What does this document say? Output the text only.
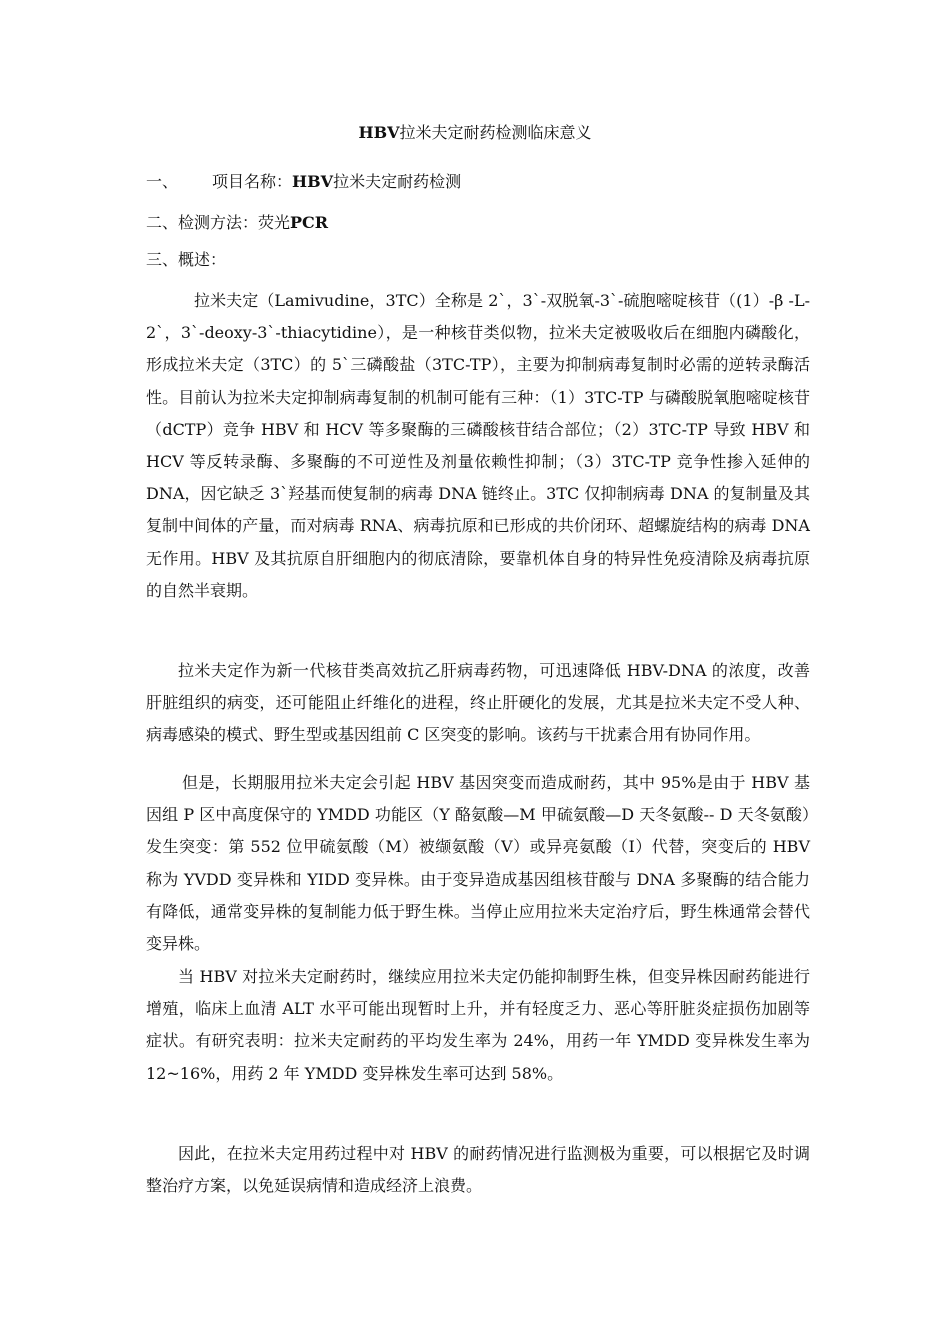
HBV拉米夫定耐药检测临床意义
一、 项目名称：HBV拉米夫定耐药检测
二、检测方法：荧光PCR
三、概述：

拉米夫定（Lamivudine，3TC）全称是 2`，3`-双脱氧-3`-硫胞嘧啶核苷（(1）-β -L-2`，3`-deoxy-3`-thiacytidine），是一种核苷类似物，拉米夫定被吸收后在细胞内磷酸化，形成拉米夫定（3TC）的 5`三磷酸盐（3TC-TP），主要为抑制病毒复制时必需的逆转录酶活性。目前认为拉米夫定抑制病毒复制的机制可能有三种：（1）3TC-TP 与磷酸脱氧胞嘧啶核苷（dCTP）竞争 HBV 和 HCV 等多聚酶的三磷酸核苷结合部位；（2）3TC-TP 导致 HBV 和 HCV 等反转录酶、多聚酶的不可逆性及剂量依赖性抑制；（3）3TC-TP 竞争性掺入延伸的 DNA，因它缺乏 3`羟基而使复制的病毒 DNA 链终止。3TC 仅抑制病毒 DNA 的复制量及其复制中间体的产量，而对病毒 RNA、病毒抗原和已形成的共价闭环、超螺旋结构的病毒 DNA 无作用。HBV 及其抗原自肝细胞内的彻底清除，要靠机体自身的特异性免疫清除及病毒抗原的自然半衰期。

拉米夫定作为新一代核苷类高效抗乙肝病毒药物，可迅速降低 HBV-DNA 的浓度，改善肝脏组织的病变，还可能阻止纤维化的进程，终止肝硬化的发展，尤其是拉米夫定不受人种、病毒感染的模式、野生型或基因组前 C 区突变的影响。该药与干扰素合用有协同作用。

但是，长期服用拉米夫定会引起 HBV 基因突变而造成耐药，其中 95%是由于 HBV 基因组 P 区中高度保守的 YMDD 功能区（Y 酪氨酸—M 甲硫氨酸—D 天冬氨酸-- D 天冬氨酸）发生突变：第 552 位甲硫氨酸（M）被缬氨酸（V）或异亮氨酸（I）代替，突变后的 HBV 称为 YVDD 变异株和 YIDD 变异株。由于变异造成基因组核苷酸与 DNA 多聚酶的结合能力有降低，通常变异株的复制能力低于野生株。当停止应用拉米夫定治疗后，野生株通常会替代变异株。

当 HBV 对拉米夫定耐药时，继续应用拉米夫定仍能抑制野生株，但变异株因耐药能进行增殖，临床上血清 ALT 水平可能出现暂时上升，并有轻度乏力、恶心等肝脏炎症损伤加剧等症状。有研究表明：拉米夫定耐药的平均发生率为 24%，用药一年 YMDD 变异株发生率为 12~16%，用药 2 年 YMDD 变异株发生率可达到 58%。

因此，在拉米夫定用药过程中对 HBV 的耐药情况进行监测极为重要，可以根据它及时调整治疗方案，以免延误病情和造成经济上浪费。
